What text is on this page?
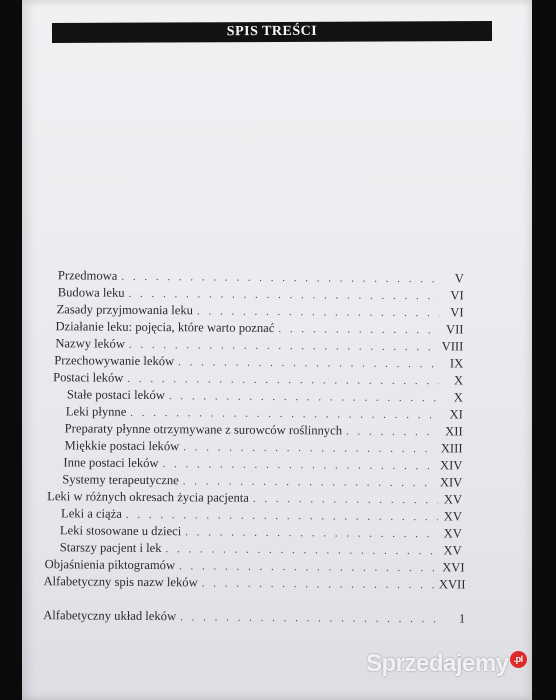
SPIS TREŚCI
Przedmowa . . .	V
Budowa leku . . .	VI
Zasady przyjmowania leku . . .	VI
Działanie leku: pojęcia, które warto poznać . . .	VII
Nazwy leków . . .	VIII
Przechowywanie leków . . .	IX
Postaci leków . . .	X
Stałe postaci leków . . .	X
Leki płynne . . .	XI
Preparaty płynne otrzymywane z surowców roślinnych . . .	XII
Miękkie postaci leków . . .	XIII
Inne postaci leków . . .	XIV
Systemy terapeutyczne . . .	XIV
Leki w różnych okresach życia pacjenta . . .	XV
Leki a ciąża . . .	XV
Leki stosowane u dzieci . . .	XV
Starszy pacjent i lek . . .	XV
Objaśnienia piktogramów . . .	XVI
Alfabetyczny spis nazw leków . . .	XVII
Alfabetyczny układ leków . . .	1
Sprzedajemy .pl
